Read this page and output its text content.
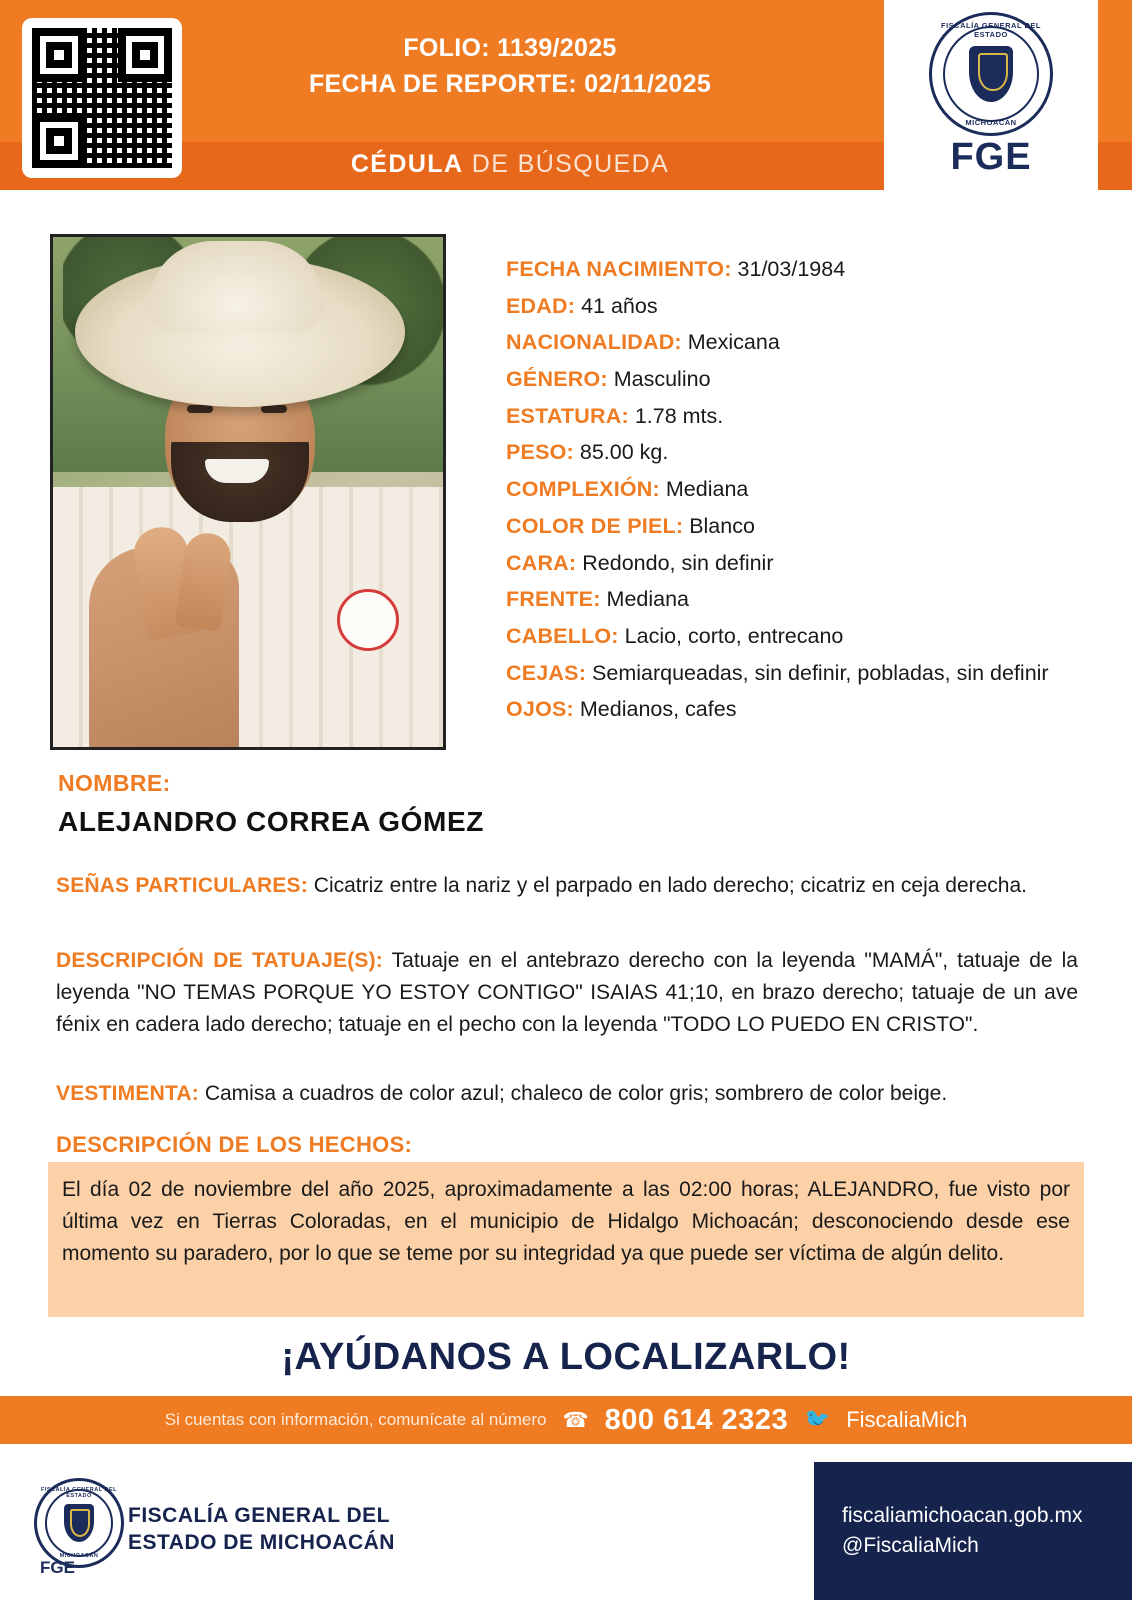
FOLIO: 1139/2025
FECHA DE REPORTE: 02/11/2025
CÉDULA DE BÚSQUEDA
FISCALÍA GENERAL DEL ESTADO
MICHOACÁN
FGE
FECHA NACIMIENTO: 31/03/1984
EDAD: 41 años
NACIONALIDAD: Mexicana
GÉNERO: Masculino
ESTATURA: 1.78 mts.
PESO: 85.00 kg.
COMPLEXIÓN: Mediana
COLOR DE PIEL: Blanco
CARA: Redondo, sin definir
FRENTE: Mediana
CABELLO: Lacio, corto, entrecano
CEJAS: Semiarqueadas, sin definir, pobladas, sin definir
OJOS: Medianos, cafes
NOMBRE:
ALEJANDRO CORREA GÓMEZ
SEÑAS PARTICULARES: Cicatriz entre la nariz y el parpado en lado derecho; cicatriz en ceja derecha.
DESCRIPCIÓN DE TATUAJE(S): Tatuaje en el antebrazo derecho con la leyenda "MAMÁ", tatuaje de la leyenda "NO TEMAS PORQUE YO ESTOY CONTIGO" ISAIAS 41;10, en brazo derecho; tatuaje de un ave fénix en cadera lado derecho; tatuaje en el pecho con la leyenda "TODO LO PUEDO EN CRISTO".
VESTIMENTA: Camisa a cuadros de color azul; chaleco de color gris; sombrero de color beige.
DESCRIPCIÓN DE LOS HECHOS:
El día 02 de noviembre del año 2025, aproximadamente a las 02:00 horas; ALEJANDRO, fue visto por última vez en Tierras Coloradas, en el municipio de Hidalgo Michoacán; desconociendo desde ese momento su paradero, por lo que se teme por su integridad ya que puede ser víctima de algún delito.
¡AYÚDANOS A LOCALIZARLO!
Si cuentas con información, comunícate al número ☎ 800 614 2323 🐦 FiscaliaMich
FISCALÍA GENERAL DEL ESTADO
MICHOACÁN
FGE
FISCALÍA GENERAL DEL
ESTADO DE MICHOACÁN
fiscaliamichoacan.gob.mx
@FiscaliaMich
